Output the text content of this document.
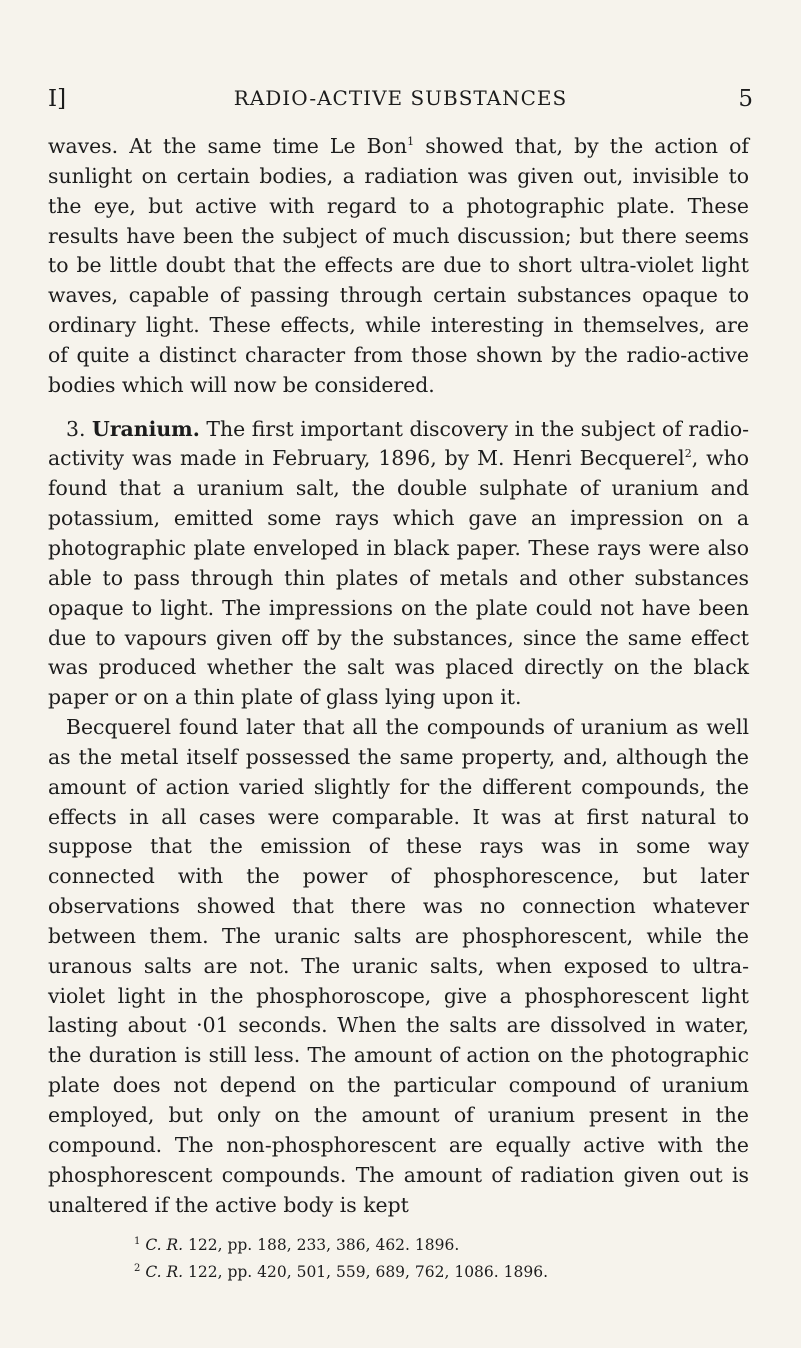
I]	RADIO-ACTIVE SUBSTANCES	5

waves. At the same time Le Bon$^1$ showed that, by the action of sunlight on certain bodies, a radiation was given out, invisible to the eye, but active with regard to a photographic plate. These results have been the subject of much discussion; but there seems to be little doubt that the effects are due to short ultra-violet light waves, capable of passing through certain substances opaque to ordinary light. These effects, while interesting in themselves, are of quite a distinct character from those shown by the radio-active bodies which will now be considered.

3. Uranium. The first important discovery in the subject of radio-activity was made in February, 1896, by M. Henri Becquerel$^2$, who found that a uranium salt, the double sulphate of uranium and potassium, emitted some rays which gave an impression on a photographic plate enveloped in black paper. These rays were also able to pass through thin plates of metals and other substances opaque to light. The impressions on the plate could not have been due to vapours given off by the substances, since the same effect was produced whether the salt was placed directly on the black paper or on a thin plate of glass lying upon it.

Becquerel found later that all the compounds of uranium as well as the metal itself possessed the same property, and, although the amount of action varied slightly for the different compounds, the effects in all cases were comparable. It was at first natural to suppose that the emission of these rays was in some way connected with the power of phosphorescence, but later observations showed that there was no connection whatever between them. The uranic salts are phosphorescent, while the uranous salts are not. The uranic salts, when exposed to ultra-violet light in the phosphoroscope, give a phosphorescent light lasting about ·01 seconds. When the salts are dissolved in water, the duration is still less. The amount of action on the photographic plate does not depend on the particular compound of uranium employed, but only on the amount of uranium present in the compound. The non-phosphorescent are equally active with the phosphorescent compounds. The amount of radiation given out is unaltered if the active body is kept

$^1$ C. R. 122, pp. 188, 233, 386, 462. 1896.

$^2$ C. R. 122, pp. 420, 501, 559, 689, 762, 1086. 1896.
